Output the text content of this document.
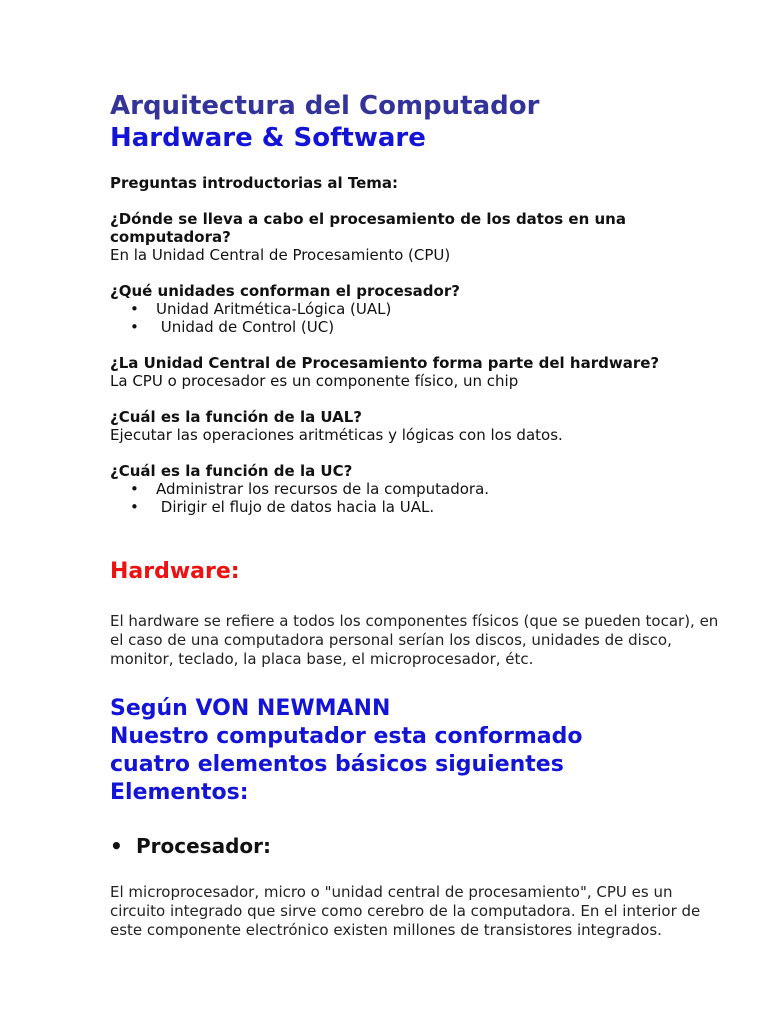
Arquitectura del Computador
Hardware & Software
Preguntas introductorias al Tema:
¿Dónde se lleva a cabo el procesamiento de los datos en una computadora?
En la Unidad Central de Procesamiento (CPU)
¿Qué unidades conforman el procesador?
• Unidad Aritmética-Lógica (UAL)
• Unidad de Control (UC)
¿La Unidad Central de Procesamiento forma parte del hardware?
La CPU o procesador es un componente físico, un chip
¿Cuál es la función de la UAL?
Ejecutar las operaciones aritméticas y lógicas con los datos.
¿Cuál es la función de la UC?
• Administrar los recursos de la computadora.
• Dirigir el flujo de datos hacia la UAL.
Hardware:
El hardware se refiere a todos los componentes físicos (que se pueden tocar), en el caso de una computadora personal serían los discos, unidades de disco, monitor, teclado, la placa base, el microprocesador, étc.
Según VON NEWMANN
Nuestro computador esta conformado
cuatro elementos básicos siguientes
Elementos:
• Procesador:
El microprocesador, micro o "unidad central de procesamiento", CPU es un circuito integrado que sirve como cerebro de la computadora. En el interior de este componente electrónico existen millones de transistores integrados.
